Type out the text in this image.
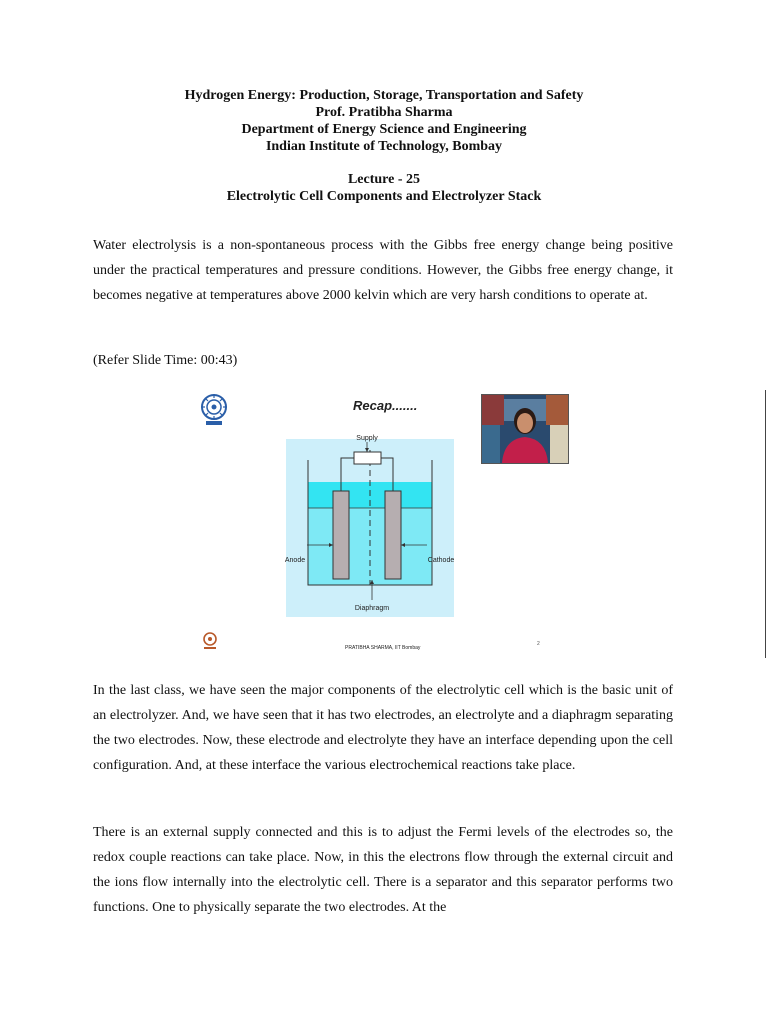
Hydrogen Energy: Production, Storage, Transportation and Safety
Prof. Pratibha Sharma
Department of Energy Science and Engineering
Indian Institute of Technology, Bombay
Lecture - 25
Electrolytic Cell Components and Electrolyzer Stack

Water electrolysis is a non-spontaneous process with the Gibbs free energy change being positive under the practical temperatures and pressure conditions. However, the Gibbs free energy change, it becomes negative at temperatures above 2000 kelvin which are very harsh conditions to operate at.

(Refer Slide Time: 00:43)
Recap.......
Supply
Anode	Cathode
Diaphragm
PRATIBHA SHARMA, IIT Bombay
2

In the last class, we have seen the major components of the electrolytic cell which is the basic unit of an electrolyzer. And, we have seen that it has two electrodes, an electrolyte and a diaphragm separating the two electrodes. Now, these electrode and electrolyte they have an interface depending upon the cell configuration. And, at these interface the various electrochemical reactions take place.

There is an external supply connected and this is to adjust the Fermi levels of the electrodes so, the redox couple reactions can take place. Now, in this the electrons flow through the external circuit and the ions flow internally into the electrolytic cell. There is a separator and this separator performs two functions. One to physically separate the two electrodes. At the
